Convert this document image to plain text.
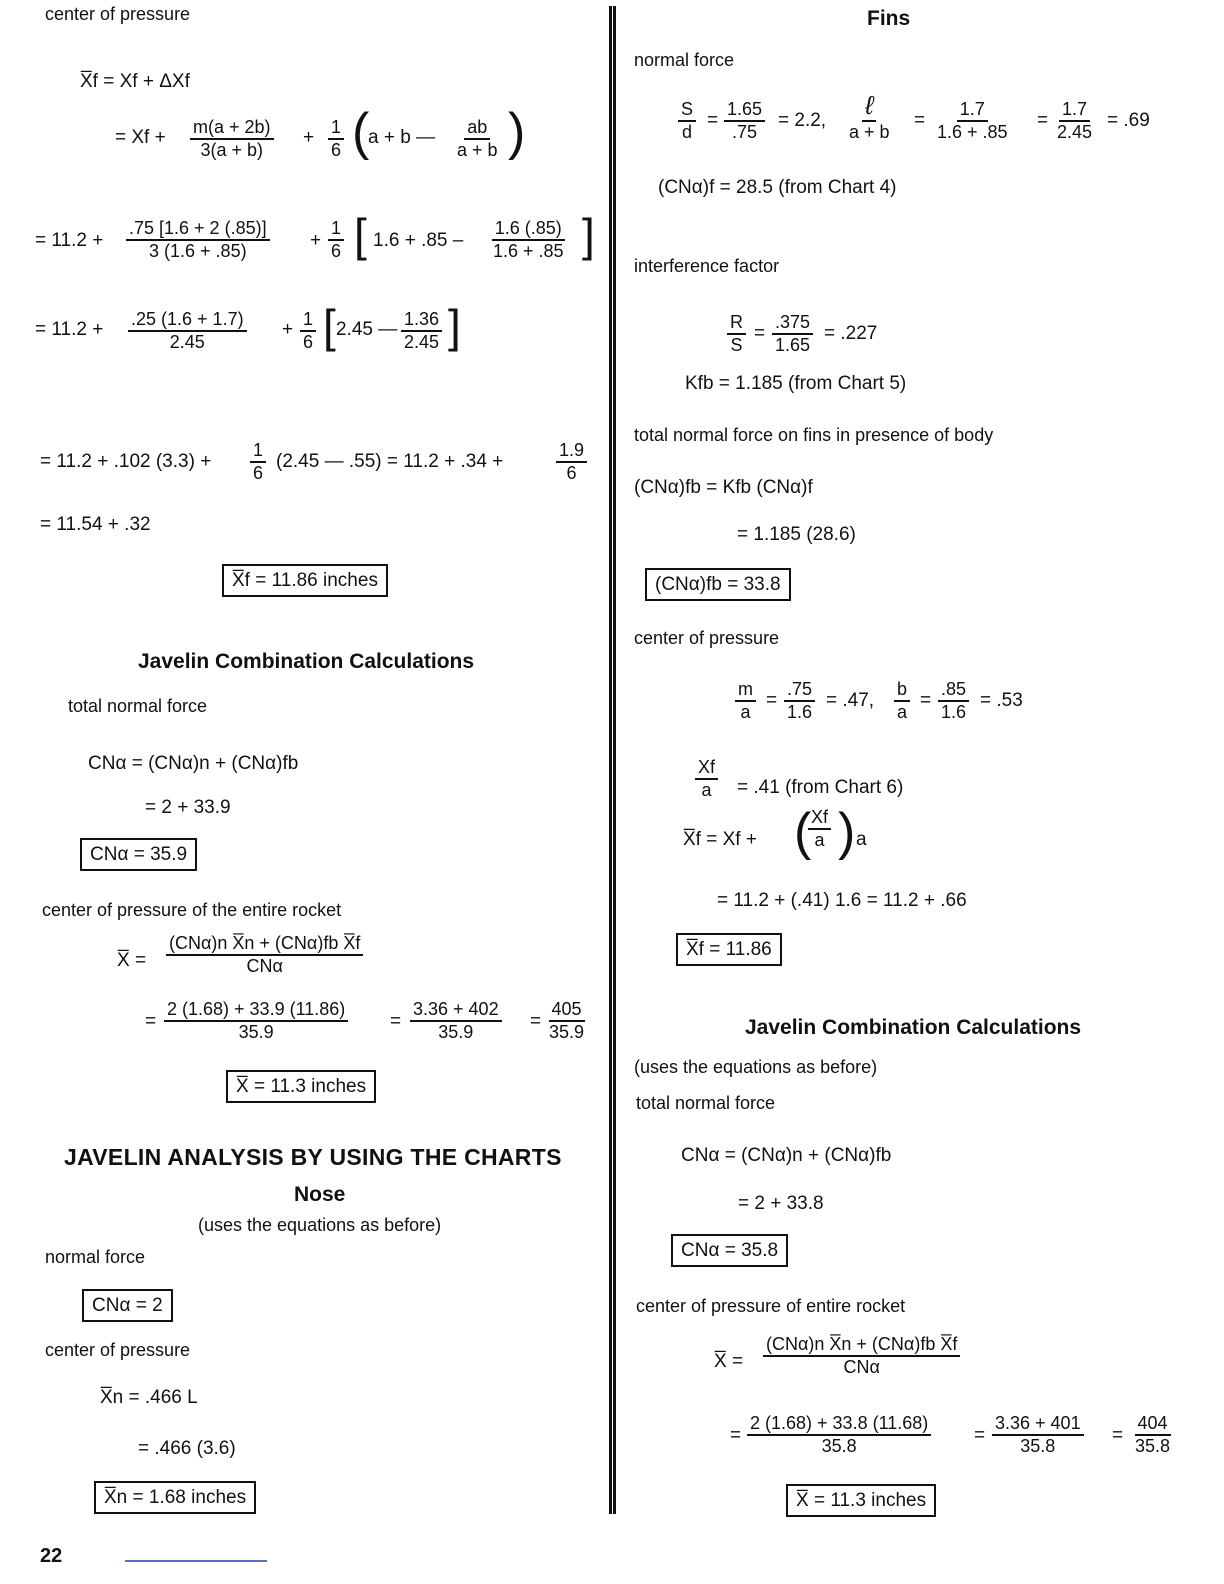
center of pressure
X̅f = Xf + ΔXf
= $Xf + \frac{m(a + 2b)}{3(a + b)} + \frac{1}{6}$ (
a + b — $\frac{ab}{a + b}$ )
= $11.2 + \frac{.75 [1.6 + 2 (.85)]}{3 (1.6 + .85)} + \frac{1}{6}$ [ $1.6 + .85 - \frac{1.6 (.85)}{1.6 + .85}$ ]
= $11.2 + \frac{.25 (1.6 + 1.7)}{2.45} + \frac{1}{6}$ [ 2.45 — $\frac{1.36}{2.45}$ ]
= 11.2 + .102 $(3.3) + \frac{1}{6} (2.45$ — .55) = 11.2 + .34 +	$\frac{1.9}{6}$
= 11.54 + .32
X̅f = 11.86 inches
Javelin Combination Calculations
total normal force
CNα = (CNα)n + (CNα)fb
= 2 + 33.9
CNα = 35.9
center of pressure of the entire rocket
X̅ =
(CNα)n X̅n + (CNα)fb X̅f
CNα
= $\frac{2 (1.68) + 33.9 (11.86)}{35.9} = \frac{3.36 + 402}{35.9} = \frac{405}{35.9}$
X̅ = 11.3 inches
JAVELIN ANALYSIS BY USING THE CHARTS
Nose
(uses the equations as before)
normal force
CNα = 2
center of pressure
X̅n = .466 L
= .466 (3.6)
X̅n = 1.68 inches
Fins
normal force
$\frac{S}{d} = \frac{1.65}{.75} = 2.2$,
ℓ
a + b
= $\frac{1.7}{1.6 + .85} = \frac{1.7}{2.45} = .69$
(CNα)f = 28.5 (from Chart 4)
interference factor
$\frac{R}{S} = \frac{.375}{1.65} = .227$
Kfb = 1.185 (from Chart 5)
total normal force on fins in presence of body
(CNα)fb = Kfb (CNα)f
= 1.185 (28.6)
(CNα)fb = 33.8
center of pressure
$\frac{m}{a} = \frac{.75}{1.6} = .47$, $\frac{b}{a} = \frac{.85}{1.6} = .53$
$\frac{Xf}{a} = .41$ (from Chart 6)
X̅f = Xf + (
$\frac{Xf}{a}$ ) a
= 11.2 + (.41) 1.6 = 11.2 + .66
X̅f = 11.86
Javelin Combination Calculations
(uses the equations as before)
total normal force
CNα = (CNα)n + (CNα)fb
= 2 + 33.8
CNα = 35.8
center of pressure of entire rocket
X̅ =
(CNα)n X̅n + (CNα)fb X̅f
CNα
= $\frac{2 (1.68) + 33.8 (11.68)}{35.8} = \frac{3.36 + 401}{35.8} = \frac{404}{35.8}$
X̅ = 11.3 inches
22
